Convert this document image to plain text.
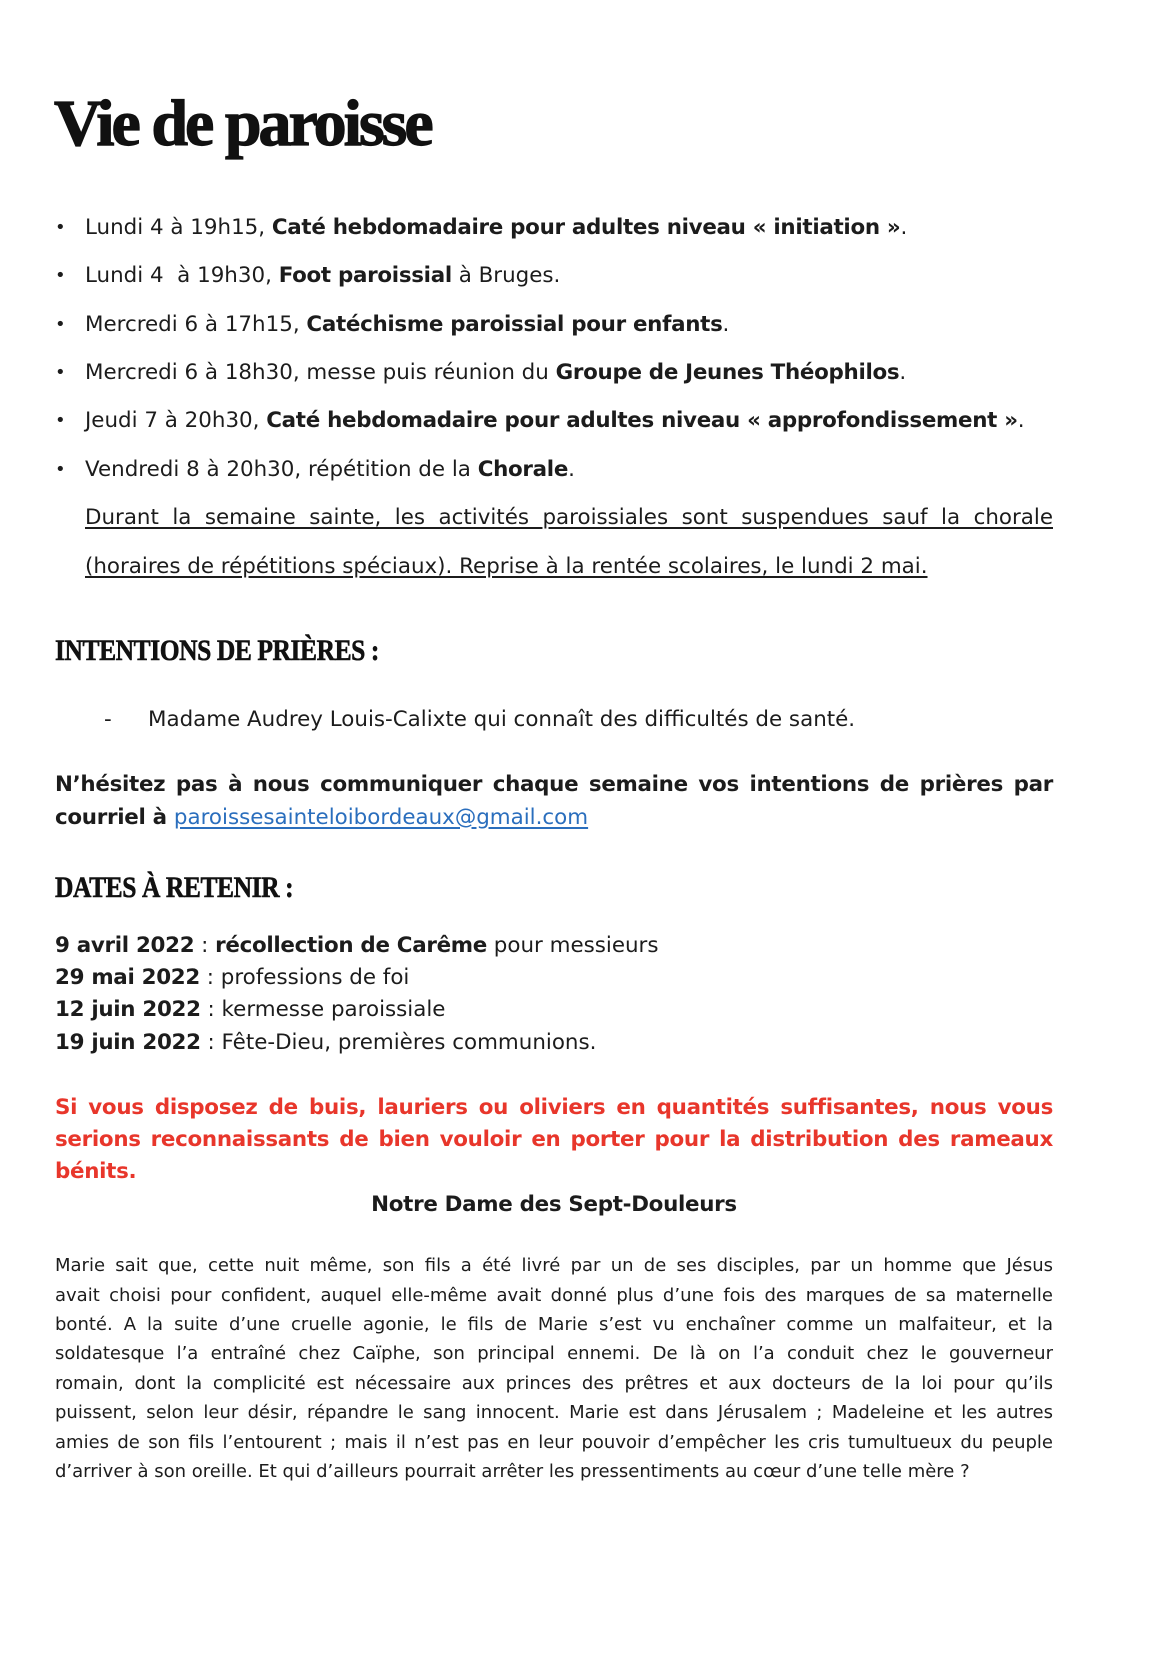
Vie de paroisse
• Lundi 4 à 19h15, Caté hebdomadaire pour adultes niveau « initiation ».
• Lundi 4  à 19h30, Foot paroissial à Bruges.
• Mercredi 6 à 17h15, Catéchisme paroissial pour enfants.
• Mercredi 6 à 18h30, messe puis réunion du Groupe de Jeunes Théophilos.
• Jeudi 7 à 20h30, Caté hebdomadaire pour adultes niveau « approfondissement ».
• Vendredi 8 à 20h30, répétition de la Chorale.
Durant la semaine sainte, les activités paroissiales sont suspendues sauf la chorale
(horaires de répétitions spéciaux). Reprise à la rentée scolaires, le lundi 2 mai.
INTENTIONS DE PRIÈRES :
- Madame Audrey Louis-Calixte qui connaît des difficultés de santé.
N’hésitez pas à nous communiquer chaque semaine vos intentions de prières par
courriel à paroissesainteloibordeaux@gmail.com
DATES À RETENIR :
9 avril 2022 : récollection de Carême pour messieurs
29 mai 2022 : professions de foi
12 juin 2022 : kermesse paroissiale
19 juin 2022 : Fête-Dieu, premières communions.
Si vous disposez de buis, lauriers ou oliviers en quantités suffisantes, nous vous
serions reconnaissants de bien vouloir en porter pour la distribution des rameaux
bénits.
Notre Dame des Sept-Douleurs
Marie sait que, cette nuit même, son fils a été livré par un de ses disciples, par un homme que Jésus
avait choisi pour confident, auquel elle-même avait donné plus d’une fois des marques de sa maternelle
bonté. A la suite d’une cruelle agonie, le fils de Marie s’est vu enchaîner comme un malfaiteur, et la
soldatesque l’a entraîné chez Caïphe, son principal ennemi. De là on l’a conduit chez le gouverneur
romain, dont la complicité est nécessaire aux princes des prêtres et aux docteurs de la loi pour qu’ils
puissent, selon leur désir, répandre le sang innocent. Marie est dans Jérusalem ; Madeleine et les autres
amies de son fils l’entourent ; mais il n’est pas en leur pouvoir d’empêcher les cris tumultueux du peuple
d’arriver à son oreille. Et qui d’ailleurs pourrait arrêter les pressentiments au cœur d’une telle mère ?
